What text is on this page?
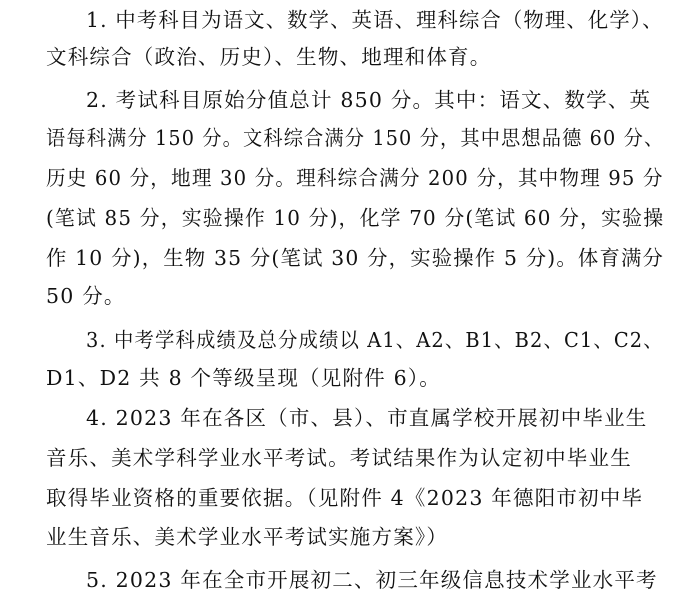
1. 中考科目为语文、数学、英语、理科综合（物理、化学）、
文科综合（政治、历史）、生物、地理和体育。
2. 考试科目原始分值总计 850 分。其中：语文、数学、英
语每科满分 150 分。文科综合满分 150 分，其中思想品德 60 分、
历史 60 分，地理 30 分。理科综合满分 200 分，其中物理 95 分
(笔试 85 分，实验操作 10 分)，化学 70 分(笔试 60 分，实验操
作 10 分)，生物 35 分(笔试 30 分，实验操作 5 分)。体育满分
50 分。
3. 中考学科成绩及总分成绩以 A1、A2、B1、B2、C1、C2、
D1、D2 共 8 个等级呈现（见附件 6）。
4. 2023 年在各区（市、县）、市直属学校开展初中毕业生
音乐、美术学科学业水平考试。考试结果作为认定初中毕业生
取得毕业资格的重要依据。（见附件 4《2023 年德阳市初中毕
业生音乐、美术学业水平考试实施方案》）
5. 2023 年在全市开展初二、初三年级信息技术学业水平考
